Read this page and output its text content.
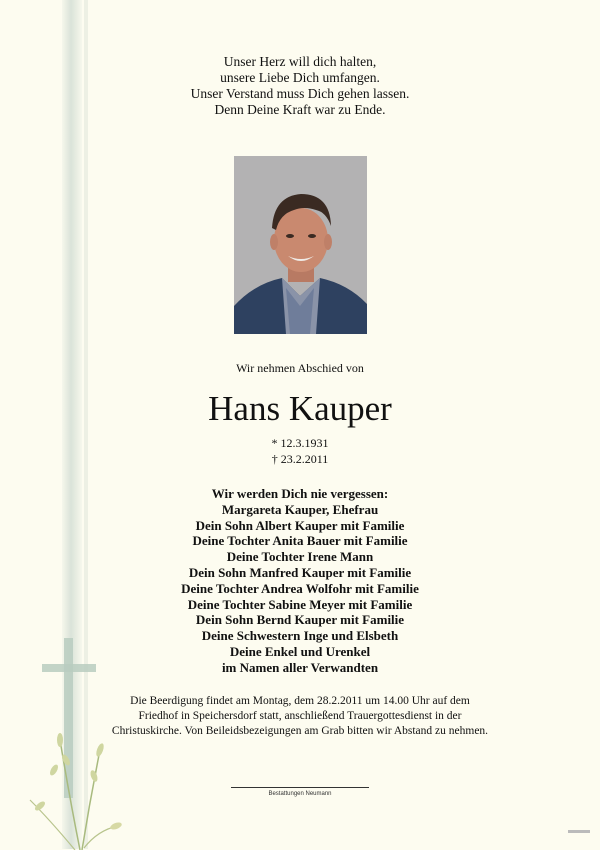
Unser Herz will dich halten,
unsere Liebe Dich umfangen.
Unser Verstand muss Dich gehen lassen.
Denn Deine Kraft war zu Ende.
Wir nehmen Abschied von
Hans Kauper
* 12.3.1931
† 23.2.2011
Wir werden Dich nie vergessen:
Margareta Kauper, Ehefrau
Dein Sohn Albert Kauper mit Familie
Deine Tochter Anita Bauer mit Familie
Deine Tochter Irene Mann
Dein Sohn Manfred Kauper mit Familie
Deine Tochter Andrea Wolfohr mit Familie
Deine Tochter Sabine Meyer mit Familie
Dein Sohn Bernd Kauper mit Familie
Deine Schwestern Inge und Elsbeth
Deine Enkel und Urenkel
im Namen aller Verwandten
Die Beerdigung findet am Montag, dem 28.2.2011 um 14.00 Uhr auf dem
Friedhof in Speichersdorf statt, anschließend Trauergottesdienst in der
Christuskirche. Von Beileidsbezeigungen am Grab bitten wir Abstand zu nehmen.
Bestattungen Neumann
